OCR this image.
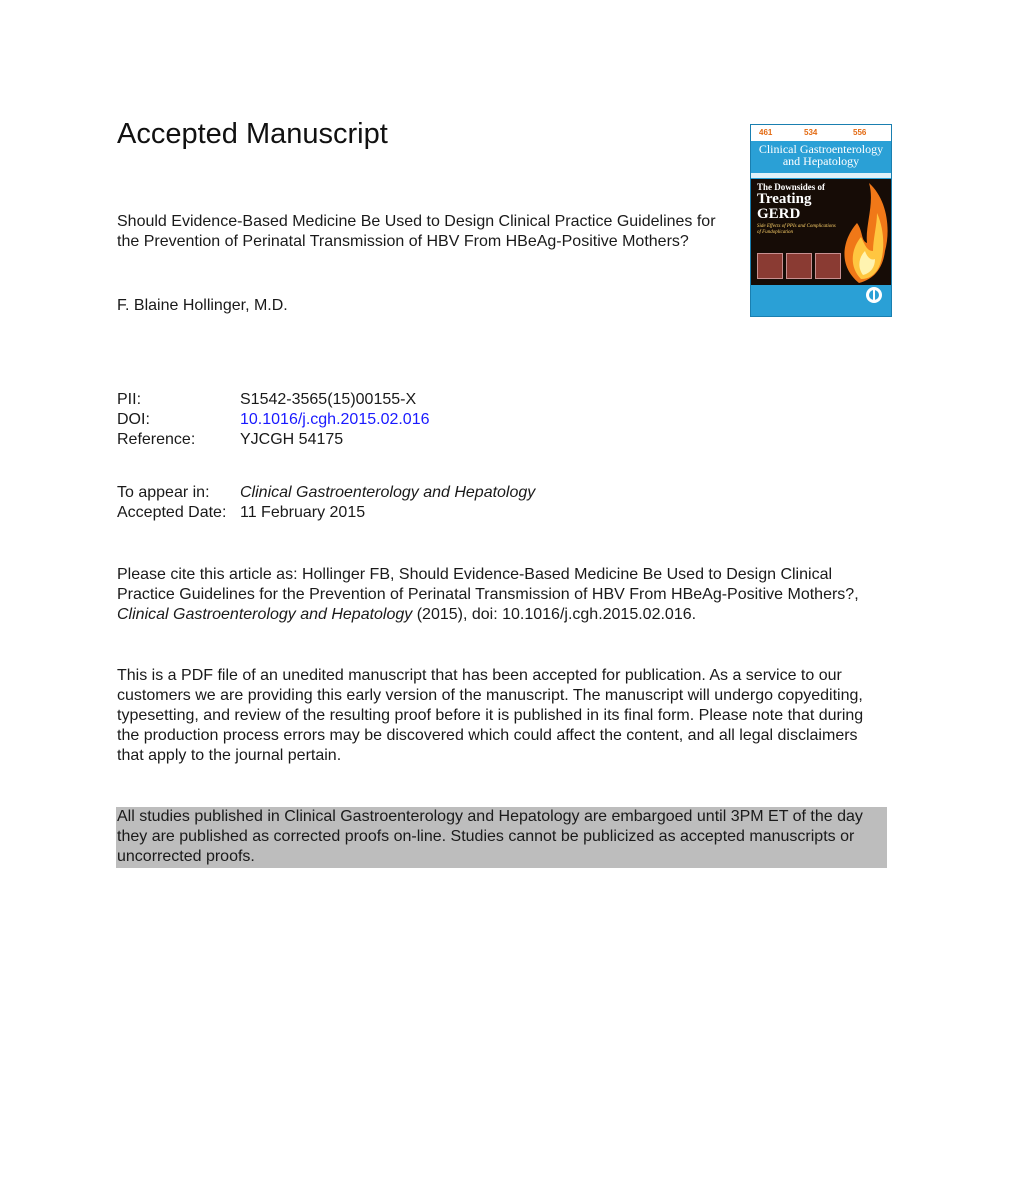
Accepted Manuscript	461	534	556
Clinical Gastroenterology and Hepatology
The Downsides of
Treating GERD
Side Effects of PPIs and Complications of Fundoplication
Should Evidence-Based Medicine Be Used to Design Clinical Practice Guidelines for the Prevention of Perinatal Transmission of HBV From HBeAg-Positive Mothers?
F. Blaine Hollinger, M.D.
PII:	S1542-3565(15)00155-X
DOI:	10.1016/j.cgh.2015.02.016
Reference:	YJCGH 54175
To appear in:	Clinical Gastroenterology and Hepatology
Accepted Date: 11 February 2015
Please cite this article as: Hollinger FB, Should Evidence-Based Medicine Be Used to Design Clinical Practice Guidelines for the Prevention of Perinatal Transmission of HBV From HBeAg-Positive Mothers?, Clinical Gastroenterology and Hepatology (2015), doi: 10.1016/j.cgh.2015.02.016.
This is a PDF file of an unedited manuscript that has been accepted for publication. As a service to our customers we are providing this early version of the manuscript. The manuscript will undergo copyediting, typesetting, and review of the resulting proof before it is published in its final form. Please note that during the production process errors may be discovered which could affect the content, and all legal disclaimers that apply to the journal pertain.
All studies published in Clinical Gastroenterology and Hepatology are embargoed until 3PM ET of the day they are published as corrected proofs on-line. Studies cannot be publicized as accepted manuscripts or uncorrected proofs.
